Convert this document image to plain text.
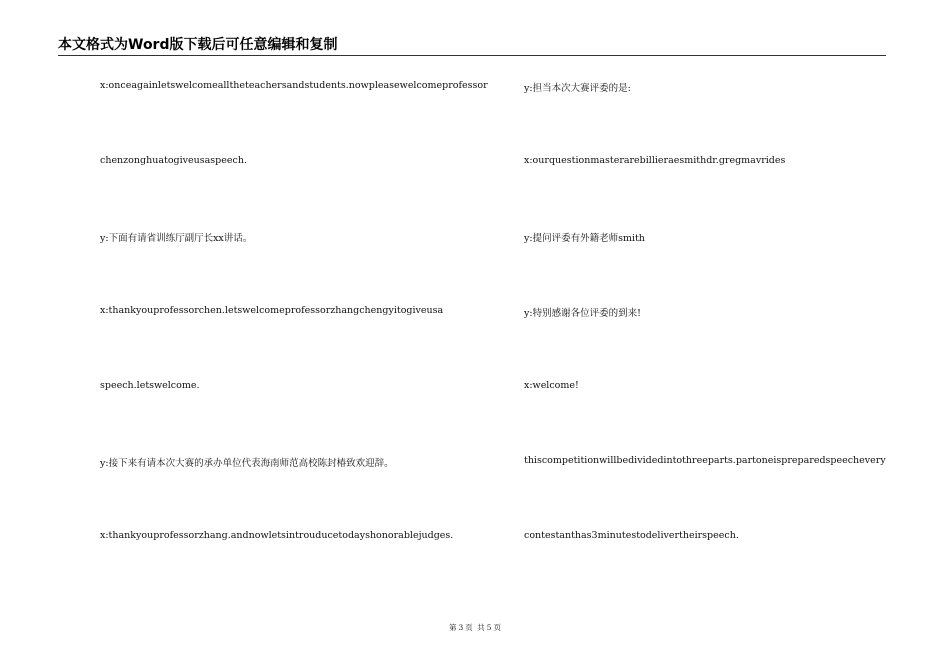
本文格式为Word版下载后可任意编辑和复制
x:onceagainletswelcomealltheteachersandstudents.nowpleasewelcomeprofessor
chenzonghuatogiveusaspeech.
y:下面有请省训练厅副厅长xx讲话。
x:thankyouprofessorchen.letswelcomeprofessorzhangchengyitogiveusa
speech.letswelcome.
y:接下来有请本次大赛的承办单位代表海南师范高校陈封椿致欢迎辞。
x:thankyouprofessorzhang.andnowletsintrouducetodayshonorablejudges.
y:担当本次大赛评委的是:
x:ourquestionmasterarebillieraesmithdr.gregmavrides
y:提问评委有外籍老师smith
y:特别感谢各位评委的到来!
x:welcome!
thiscompetitionwillbedividedintothreeparts.partoneispreparedspeechevery
contestanthas3minutestodelivertheirspeech.
第 3 页 共 5 页
